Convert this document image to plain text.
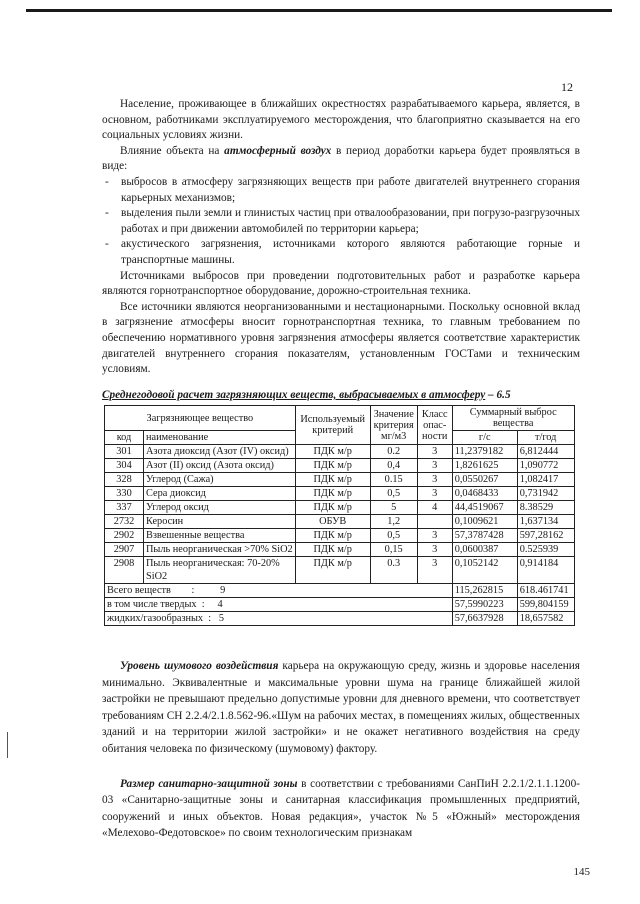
12

Население, проживающее в ближайших окрестностях разрабатываемого карьера, является, в основном, работниками эксплуатируемого месторождения, что благоприятно сказывается на его социальных условиях жизни.

Влияние объекта на атмосферный воздух в период доработки карьера будет проявляться в виде:

- выбросов в атмосферу загрязняющих веществ при работе двигателей внутреннего сгорания карьерных механизмов;

- выделения пыли земли и глинистых частиц при отвалообразовании, при погрузо-разгрузочных работах и при движении автомобилей по территории карьера;

- акустического загрязнения, источниками которого являются работающие горные и транспортные машины.

Источниками выбросов при проведении подготовительных работ и разработке карьера являются горнотранспортное оборудование, дорожно-строительная техника.

Все источники являются неорганизованными и нестационарными. Поскольку основной вклад в загрязнение атмосферы вносит горнотранспортная техника, то главным требованием по обеспечению нормативного уровня загрязнения атмосферы является соответствие характеристик двигателей внутреннего сгорания показателям, установленным ГОСТами и техническим условиям.

Среднегодовой расчет загрязняющих веществ, выбрасываемых в атмосферу – 6.5

Загрязняющее вещество		Используемый критерий	Значение критерия мг/м3	Класс опас-ности	Суммарный выброс вещества	
код	наименование				г/с	т/год
301	Азота диоксид (Азот (IV) оксид)	ПДК м/р	0.2	3	11,2379182	6,812444
304	Азот (II) оксид (Азота оксид)	ПДК м/р	0,4	3	1,8261625	1,090772
328	Углерод (Сажа)	ПДК м/р	0.15	3	0,0550267	1,082417
330	Сера диоксид	ПДК м/р	0,5	3	0,0468433	0,731942
337	Углерод оксид	ПДК м/р	5	4	44,4519067	8.38529
2732	Керосин	ОБУВ	1,2		0,1009621	1,637134
2902	Взвешенные вещества	ПДК м/р	0,5	3	57,3787428	597,28162
2907	Пыль неорганическая >70% SiO2	ПДК м/р	0,15	3	0,0600387	0.525939
2908	Пыль неорганическая: 70-20%
SiO2	ПДК м/р	0.3	3	0,1052142	0,914184
Всего веществ        :          9					115,262815	618.461741
в том числе твердых  :     4					57,5990223	599,804159
жидких/газообразных  :   5					57,6637928	18,657582

Уровень шумового воздействия карьера на окружающую среду, жизнь и здоровье населения минимально. Эквивалентные и максимальные уровни шума на границе ближайшей жилой застройки не превышают предельно допустимые уровни для дневного времени, что соответствует требованиям СН 2.2.4/2.1.8.562-96.«Шум на рабочих местах, в помещениях жилых, общественных зданий и на территории жилой застройки» и не окажет негативного воздействия на среду обитания человека по физическому (шумовому) фактору.

Размер санитарно-защитной зоны в соответствии с требованиями СанПиН 2.2.1/2.1.1.1200-03 «Санитарно-защитные зоны и санитарная классификация промышленных предприятий, сооружений и иных объектов. Новая редакция», участок №5 «Южный» месторождения «Мелехово-Федотовское» по своим технологическим признакам

145
